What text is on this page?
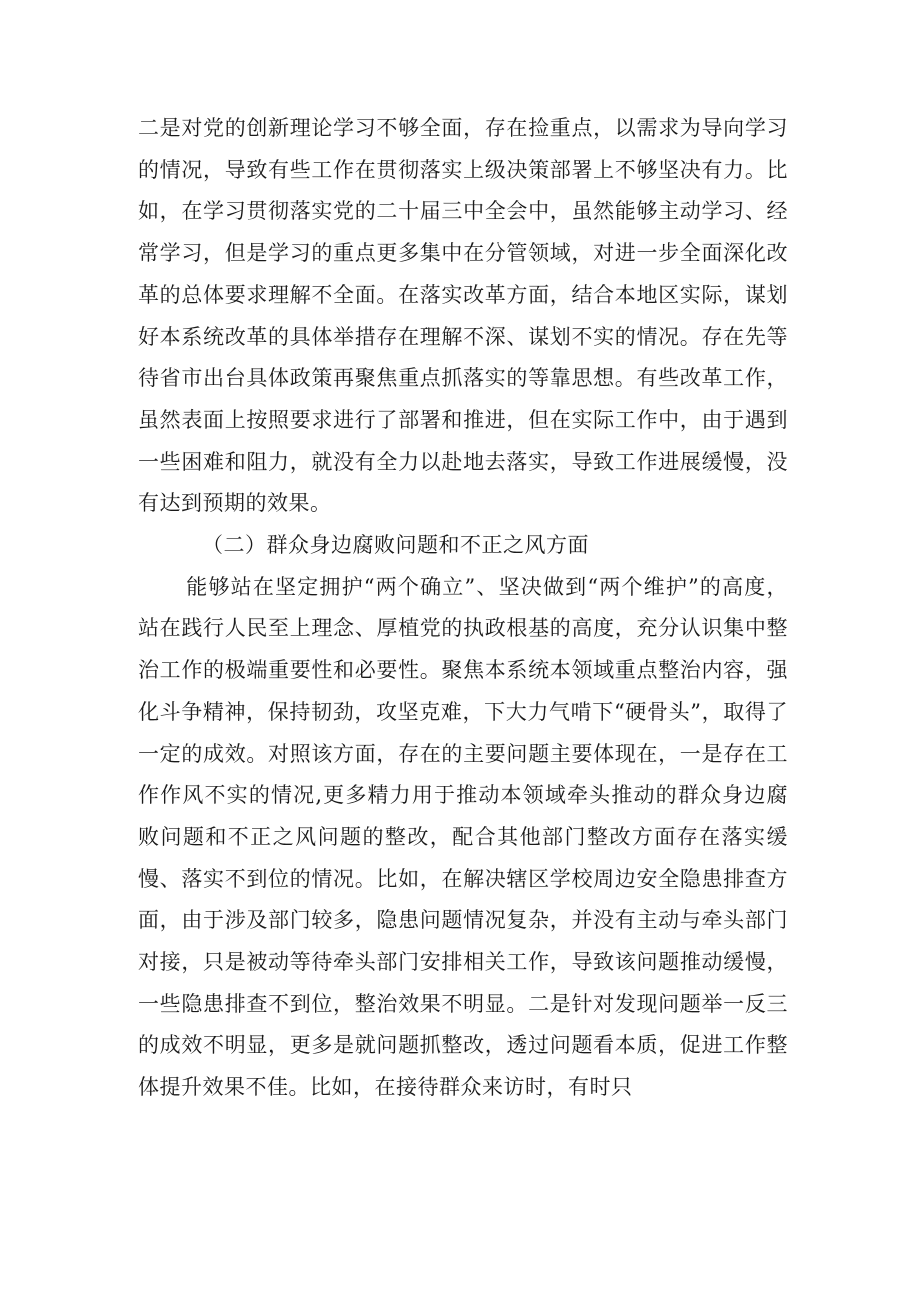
二是对党的创新理论学习不够全面，存在捡重点，以需求为导向学习的情况，导致有些工作在贯彻落实上级决策部署上不够坚决有力。比如，在学习贯彻落实党的二十届三中全会中，虽然能够主动学习、经常学习，但是学习的重点更多集中在分管领域，对进一步全面深化改革的总体要求理解不全面。在落实改革方面，结合本地区实际，谋划好本系统改革的具体举措存在理解不深、谋划不实的情况。存在先等待省市出台具体政策再聚焦重点抓落实的等靠思想。有些改革工作，虽然表面上按照要求进行了部署和推进，但在实际工作中，由于遇到一些困难和阻力，就没有全力以赴地去落实，导致工作进展缓慢，没有达到预期的效果。

（二）群众身边腐败问题和不正之风方面

能够站在坚定拥护“两个确立”、坚决做到“两个维护”的高度，站在践行人民至上理念、厚植党的执政根基的高度，充分认识集中整治工作的极端重要性和必要性。聚焦本系统本领域重点整治内容，强化斗争精神，保持韧劲，攻坚克难，下大力气啃下“硬骨头”，取得了一定的成效。对照该方面，存在的主要问题主要体现在，一是存在工作作风不实的情况,更多精力用于推动本领域牵头推动的群众身边腐败问题和不正之风问题的整改，配合其他部门整改方面存在落实缓慢、落实不到位的情况。比如，在解决辖区学校周边安全隐患排查方面，由于涉及部门较多，隐患问题情况复杂，并没有主动与牵头部门对接，只是被动等待牵头部门安排相关工作，导致该问题推动缓慢，一些隐患排查不到位，整治效果不明显。二是针对发现问题举一反三的成效不明显，更多是就问题抓整改，透过问题看本质，促进工作整体提升效果不佳。比如，在接待群众来访时，有时只
